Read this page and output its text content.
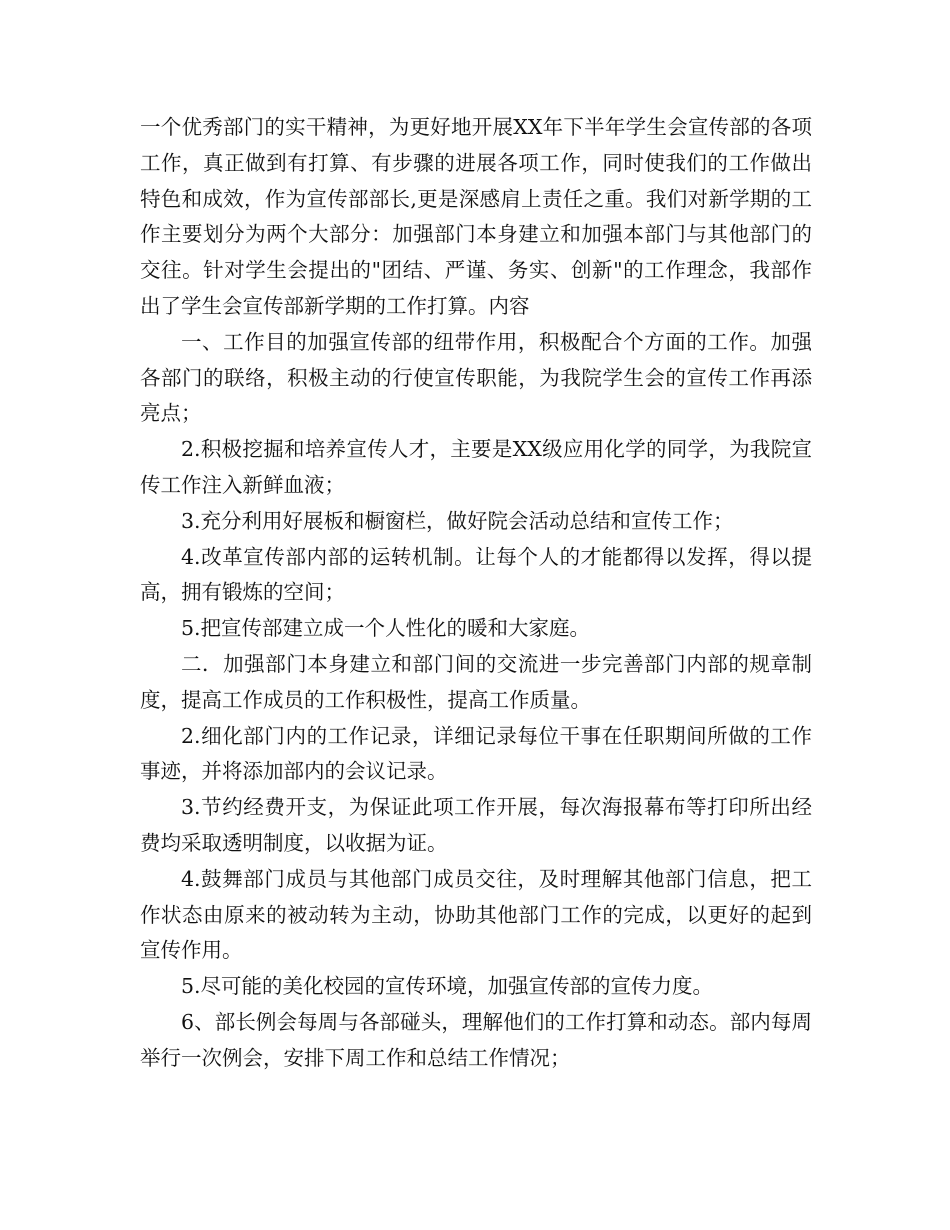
一个优秀部门的实干精神，为更好地开展XX年下半年学生会宣传部的各项工作，真正做到有打算、有步骤的进展各项工作，同时使我们的工作做出特色和成效，作为宣传部部长,更是深感肩上责任之重。我们对新学期的工作主要划分为两个大部分：加强部门本身建立和加强本部门与其他部门的交往。针对学生会提出的"团结、严谨、务实、创新"的工作理念，我部作出了学生会宣传部新学期的工作打算。内容

一、工作目的加强宣传部的纽带作用，积极配合个方面的工作。加强各部门的联络，积极主动的行使宣传职能，为我院学生会的宣传工作再添亮点；

2.积极挖掘和培养宣传人才，主要是XX级应用化学的同学，为我院宣传工作注入新鲜血液；

3.充分利用好展板和橱窗栏，做好院会活动总结和宣传工作；

4.改革宣传部内部的运转机制。让每个人的才能都得以发挥，得以提高，拥有锻炼的空间；

5.把宣传部建立成一个人性化的暖和大家庭。

二．加强部门本身建立和部门间的交流进一步完善部门内部的规章制度，提高工作成员的工作积极性，提高工作质量。

2.细化部门内的工作记录，详细记录每位干事在任职期间所做的工作事迹，并将添加部内的会议记录。

3.节约经费开支，为保证此项工作开展，每次海报幕布等打印所出经费均采取透明制度，以收据为证。

4.鼓舞部门成员与其他部门成员交往，及时理解其他部门信息，把工作状态由原来的被动转为主动，协助其他部门工作的完成，以更好的起到宣传作用。

5.尽可能的美化校园的宣传环境，加强宣传部的宣传力度。

6、部长例会每周与各部碰头，理解他们的工作打算和动态。部内每周举行一次例会，安排下周工作和总结工作情况；
